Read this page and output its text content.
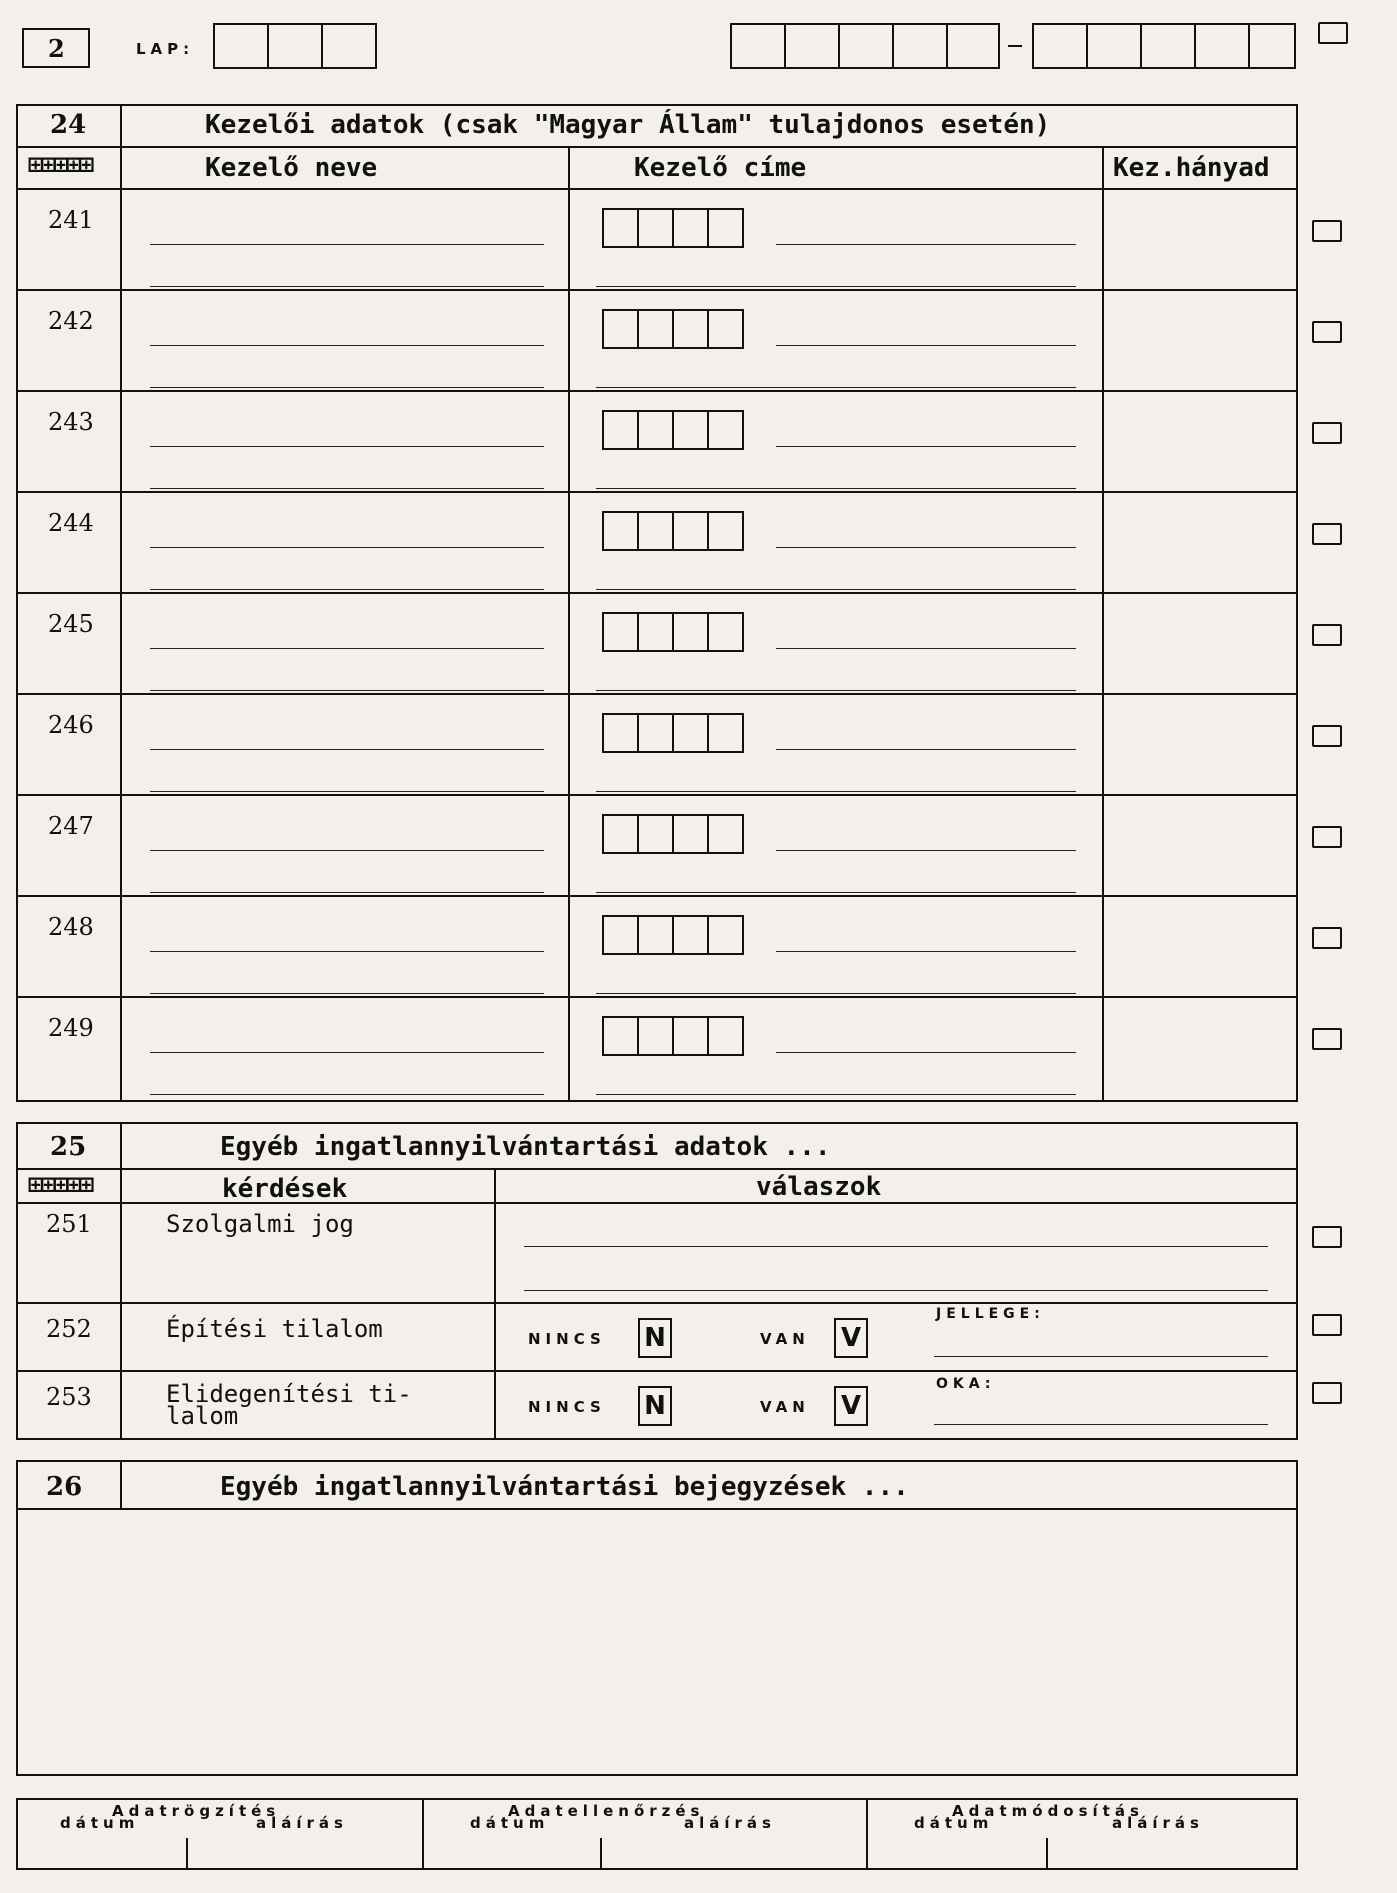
2	LAP:
24	Kezelői adatok (csak "Magyar Állam" tulajdonos esetén)
⊞⊞⊞⊞⊞	Kezelő neve	Kezelő címe	Kez.hányad
241
242
243
244
245
246
247
248
249
25	Egyéb ingatlannyilvántartási adatok ...
⊞⊞⊞⊞⊞	kérdések	válaszok
251	Szolgalmi jog
252	Építési tilalom	NINCS N	VAN V
JELLEGE:
253	Elidegenítési ti-
lalom	NINCS N	VAN V
OKA:
26	Egyéb ingatlannyilvántartási bejegyzések ...
Adatrögzítés
dátum	aláírás
Adatellenőrzés
dátum	aláírás
Adatmódosítás
dátum	aláírás
